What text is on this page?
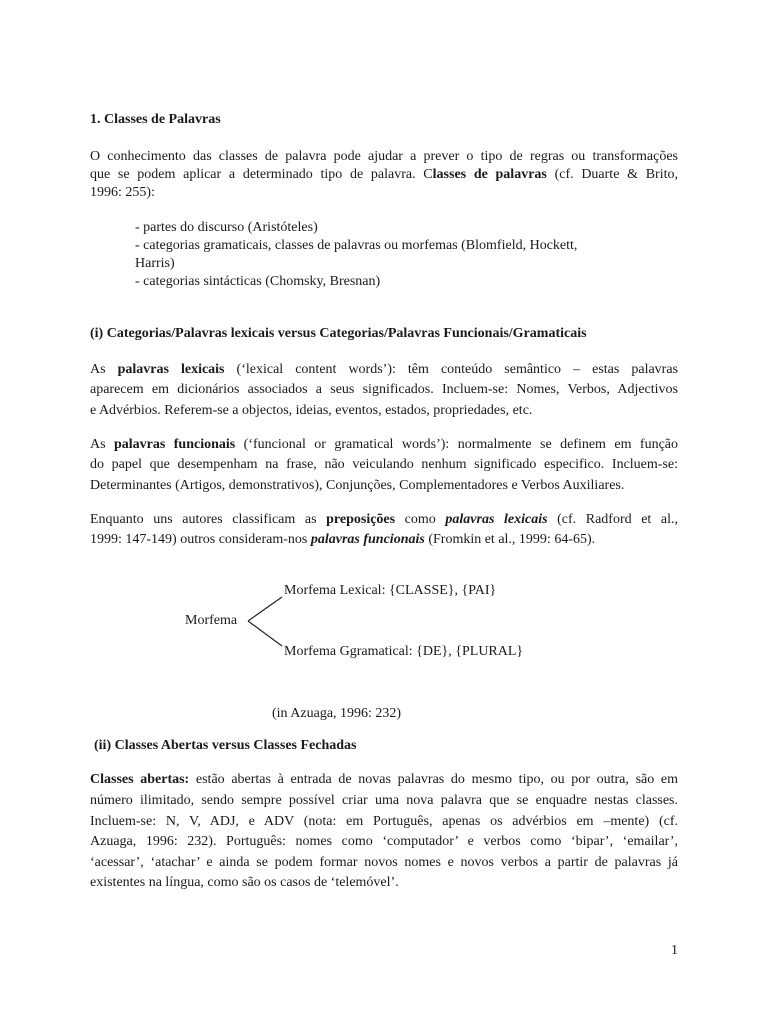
1. Classes de Palavras

O conhecimento das classes de palavra pode ajudar a prever o tipo de regras ou transformações

que se podem aplicar a determinado tipo de palavra. Classes de palavras (cf. Duarte & Brito,

1996: 255):

- partes do discurso (Aristóteles)

- categorias gramaticais, classes de palavras ou morfemas (Blomfield, Hockett,

Harris)

- categorias sintácticas (Chomsky, Bresnan)

(i) Categorias/Palavras lexicais versus Categorias/Palavras Funcionais/Gramaticais

As palavras lexicais (‘lexical content words’): têm conteúdo semântico – estas palavras

aparecem em dicionários associados a seus significados. Incluem-se: Nomes, Verbos, Adjectivos

e Advérbios. Referem-se a objectos, ideias, eventos, estados, propriedades, etc.

As palavras funcionais (‘funcional or gramatical words’): normalmente se definem em função

do papel que desempenham na frase, não veiculando nenhum significado especifico. Incluem-se:

Determinantes (Artigos, demonstrativos), Conjunções, Complementadores e Verbos Auxiliares.

Enquanto uns autores classificam as preposições como palavras lexicais (cf. Radford et al.,

1999: 147-149) outros consideram-nos palavras funcionais (Fromkin et al., 1999: 64-65).

Morfema Lexical: {CLASSE}, {PAI}
Morfema
Morfema Ggramatical: {DE}, {PLURAL}
(in Azuaga, 1996: 232)

(ii) Classes Abertas versus Classes Fechadas

Classes abertas: estão abertas à entrada de novas palavras do mesmo tipo, ou por outra, são em

número ilimitado, sendo sempre possível criar uma nova palavra que se enquadre nestas classes.

Incluem-se: N, V, ADJ, e ADV (nota: em Português, apenas os advérbios em –mente) (cf.

Azuaga, 1996: 232). Português: nomes como ‘computador’ e verbos como ‘bipar’, ‘emailar’,

‘acessar’, ‘atachar’ e ainda se podem formar novos nomes e novos verbos a partir de palavras já

existentes na língua, como são os casos de ‘telemóvel’.

1
